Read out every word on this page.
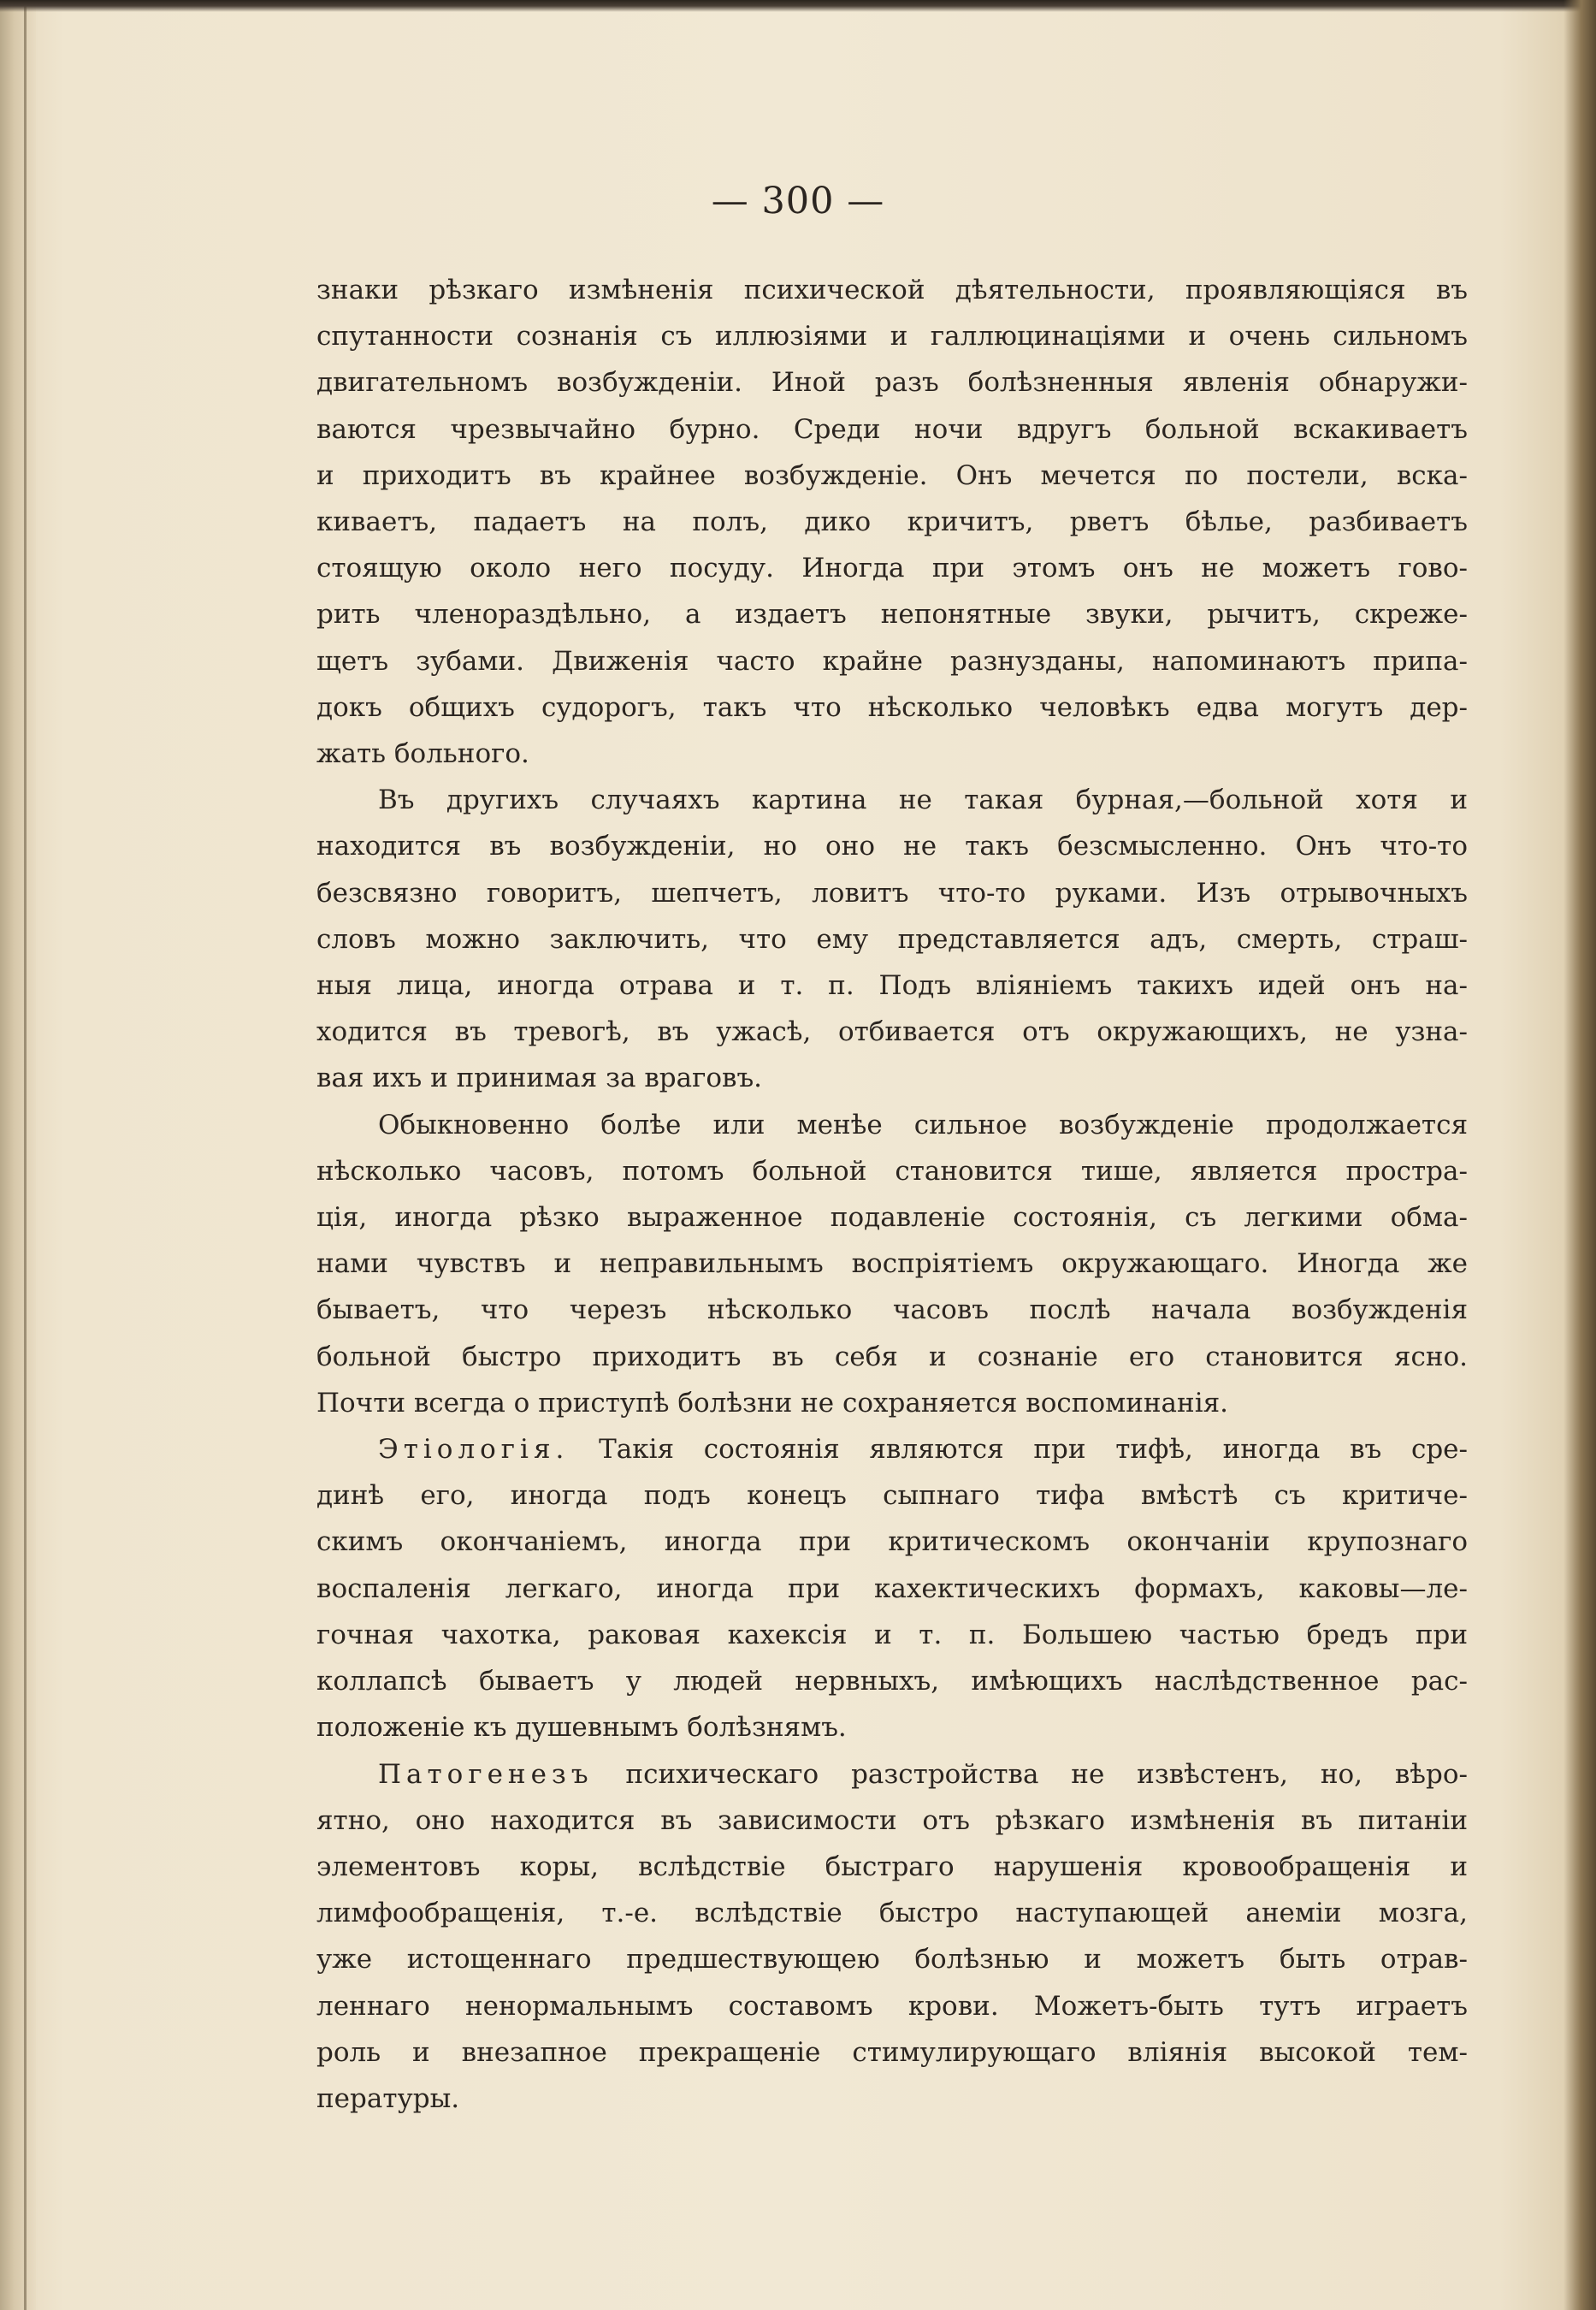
— 300 —
знаки рѣзкаго измѣненія психической дѣятельности, проявляющіяся въ
спутанности сознанія съ иллюзіями и галлюцинаціями и очень сильномъ
двигательномъ возбужденіи. Иной разъ болѣзненныя явленія обнаружи-
ваются чрезвычайно бурно. Среди ночи вдругъ больной вскакиваетъ
и приходитъ въ крайнее возбужденіе. Онъ мечется по постели, вска-
киваетъ, падаетъ на полъ, дико кричитъ, рветъ бѣлье, разбиваетъ
стоящую около него посуду. Иногда при этомъ онъ не можетъ гово-
рить членораздѣльно, а издаетъ непонятные звуки, рычитъ, скреже-
щетъ зубами. Движенія часто крайне разнузданы, напоминаютъ припа-
докъ общихъ судорогъ, такъ что нѣсколько человѣкъ едва могутъ дер-
жать больного.
Въ другихъ случаяхъ картина не такая бурная,—больной хотя и
находится въ возбужденіи, но оно не такъ безсмысленно. Онъ что-то
безсвязно говоритъ, шепчетъ, ловитъ что-то руками. Изъ отрывочныхъ
словъ можно заключить, что ему представляется адъ, смерть, страш-
ныя лица, иногда отрава и т. п. Подъ вліяніемъ такихъ идей онъ на-
ходится въ тревогѣ, въ ужасѣ, отбивается отъ окружающихъ, не узна-
вая ихъ и принимая за враговъ.
Обыкновенно болѣе или менѣе сильное возбужденіе продолжается
нѣсколько часовъ, потомъ больной становится тише, является простра-
ція, иногда рѣзко выраженное подавленіе состоянія, съ легкими обма-
нами чувствъ и неправильнымъ воспріятіемъ окружающаго. Иногда же
бываетъ, что черезъ нѣсколько часовъ послѣ начала возбужденія
больной быстро приходитъ въ себя и сознаніе его становится ясно.
Почти всегда о приступѣ болѣзни не сохраняется воспоминанія.
Этіологія. Такія состоянія являются при тифѣ, иногда въ сре-
динѣ его, иногда подъ конецъ сыпнаго тифа вмѣстѣ съ критиче-
скимъ окончаніемъ, иногда при критическомъ окончаніи крупознаго
воспаленія легкаго, иногда при кахектическихъ формахъ, каковы—ле-
гочная чахотка, раковая кахексія и т. п. Большею частью бредъ при
коллапсѣ бываетъ у людей нервныхъ, имѣющихъ наслѣдственное рас-
положеніе къ душевнымъ болѣзнямъ.
Патогенезъ психическаго разстройства не извѣстенъ, но, вѣро-
ятно, оно находится въ зависимости отъ рѣзкаго измѣненія въ питаніи
элементовъ коры, вслѣдствіе быстраго нарушенія кровообращенія и
лимфообращенія, т.-е. вслѣдствіе быстро наступающей анеміи мозга,
уже истощеннаго предшествующею болѣзнью и можетъ быть отрав-
леннаго ненормальнымъ составомъ крови. Можетъ-быть тутъ играетъ
роль и внезапное прекращеніе стимулирующаго вліянія высокой тем-
пературы.
